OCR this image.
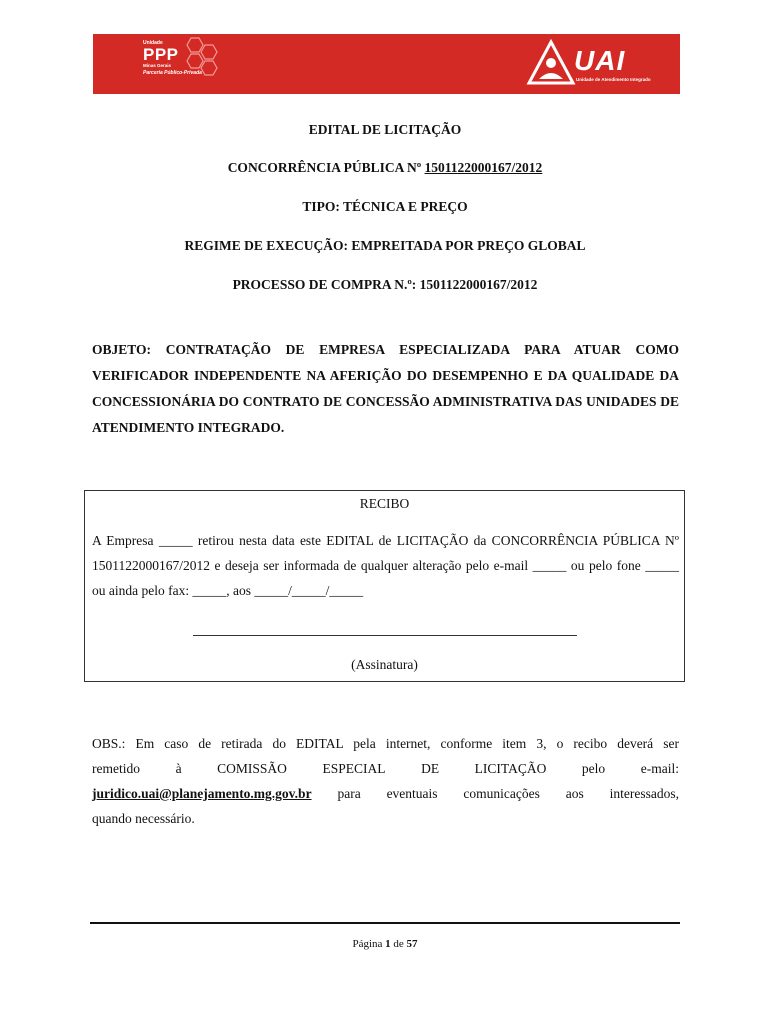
Unidade
PPP
Minas Gerais
Parceria Público-Privada	UAI
Unidade de Atendimento Integrado
EDITAL DE LICITAÇÃO
CONCORRÊNCIA PÚBLICA Nº 1501122000167/2012
TIPO: TÉCNICA E PREÇO
REGIME DE EXECUÇÃO: EMPREITADA POR PREÇO GLOBAL
PROCESSO DE COMPRA N.º: 1501122000167/2012
OBJETO: CONTRATAÇÃO DE EMPRESA ESPECIALIZADA PARA ATUAR COMO VERIFICADOR INDEPENDENTE NA AFERIÇÃO DO DESEMPENHO E DA QUALIDADE DA CONCESSIONÁRIA DO CONTRATO DE CONCESSÃO ADMINISTRATIVA DAS UNIDADES DE ATENDIMENTO INTEGRADO.
RECIBO
A Empresa _____ retirou nesta data este EDITAL de LICITAÇÃO da CONCORRÊNCIA PÚBLICA Nº 1501122000167/2012 e deseja ser informada de qualquer alteração pelo e-mail _____ ou pelo fone _____ ou ainda pelo fax: _____, aos _____/_____/_____
(Assinatura)
OBS.: Em caso de retirada do EDITAL pela internet, conforme item 3, o recibo deverá ser
remetido	à	COMISSÃO	ESPECIAL	DE	LICITAÇÃO	pelo	e-mail:
juridico.uai@planejamento.mg.gov.br para eventuais comunicações aos interessados,
quando necessário.
Página 1 de 57
